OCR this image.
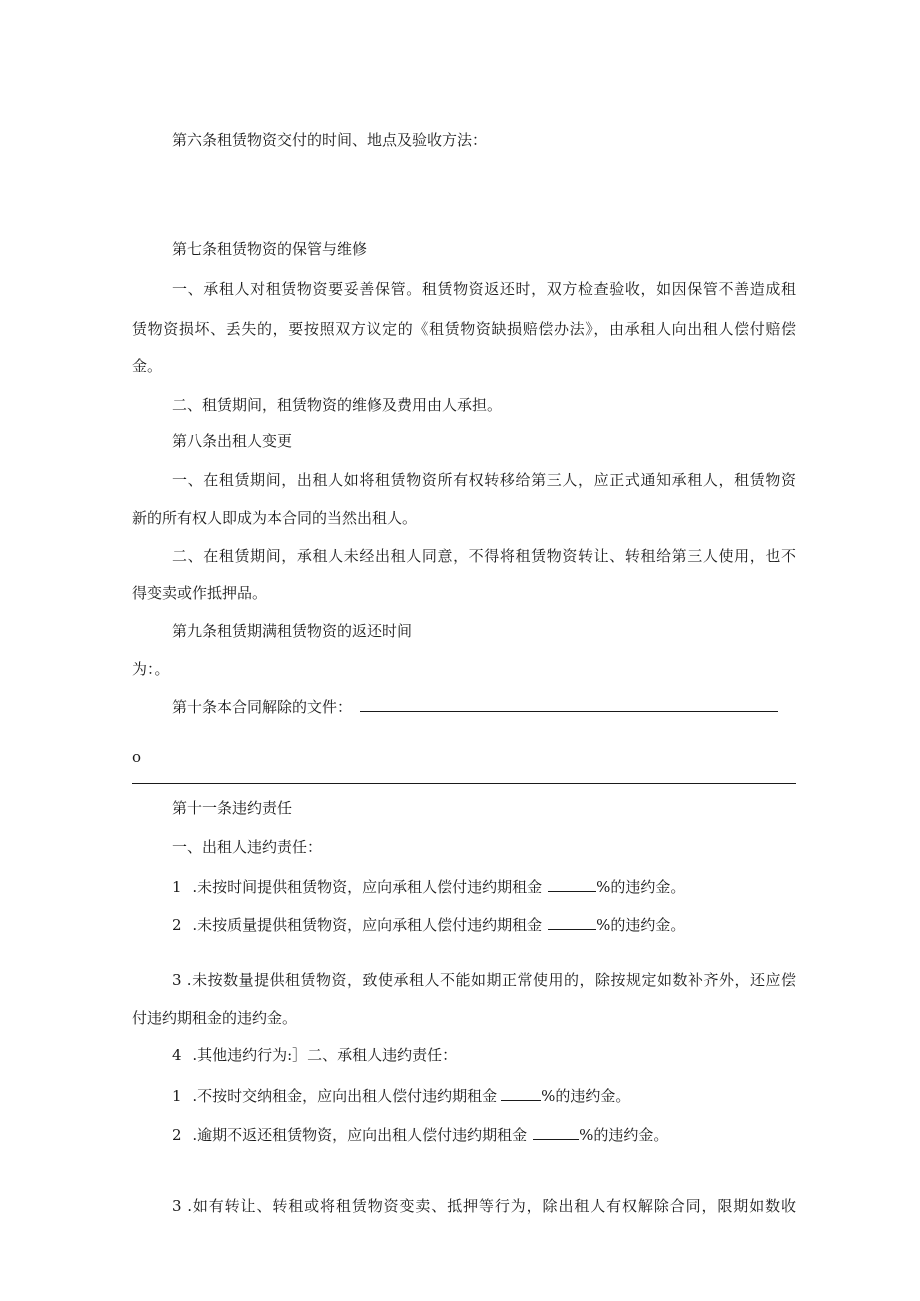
第六条租赁物资交付的时间、地点及验收方法：
第七条租赁物资的保管与维修
一、承租人对租赁物资要妥善保管。租赁物资返还时，双方检查验收，如因保管不善造成租
赁物资损坏、丢失的，要按照双方议定的《租赁物资缺损赔偿办法》，由承租人向出租人偿付赔偿
金。
二、租赁期间，租赁物资的维修及费用由人承担。
第八条出租人变更
一、在租赁期间，出租人如将租赁物资所有权转移给第三人，应正式通知承租人，租赁物资
新的所有权人即成为本合同的当然出租人。
二、在租赁期间，承租人未经出租人同意，不得将租赁物资转让、转租给第三人使用，也不
得变卖或作抵押品。
第九条租赁期满租赁物资的返还时间
为：。
第十条本合同解除的文件：
o
第十一条违约责任
一、出租人违约责任：
1 .未按时间提供租赁物资，应向承租人偿付违约期租金	%的违约金。
2 .未按质量提供租赁物资，应向承租人偿付违约期租金	%的违约金。
3 .未按数量提供租赁物资，致使承租人不能如期正常使用的，除按规定如数补齐外，还应偿
付违约期租金的违约金。
4 .其他违约行为:］二、承租人违约责任：
1 .不按时交纳租金，应向出租人偿付违约期租金	%的违约金。
2 .逾期不返还租赁物资，应向出租人偿付违约期租金	%的违约金。
3 .如有转让、转租或将租赁物资变卖、抵押等行为，除出租人有权解除合同，限期如数收
